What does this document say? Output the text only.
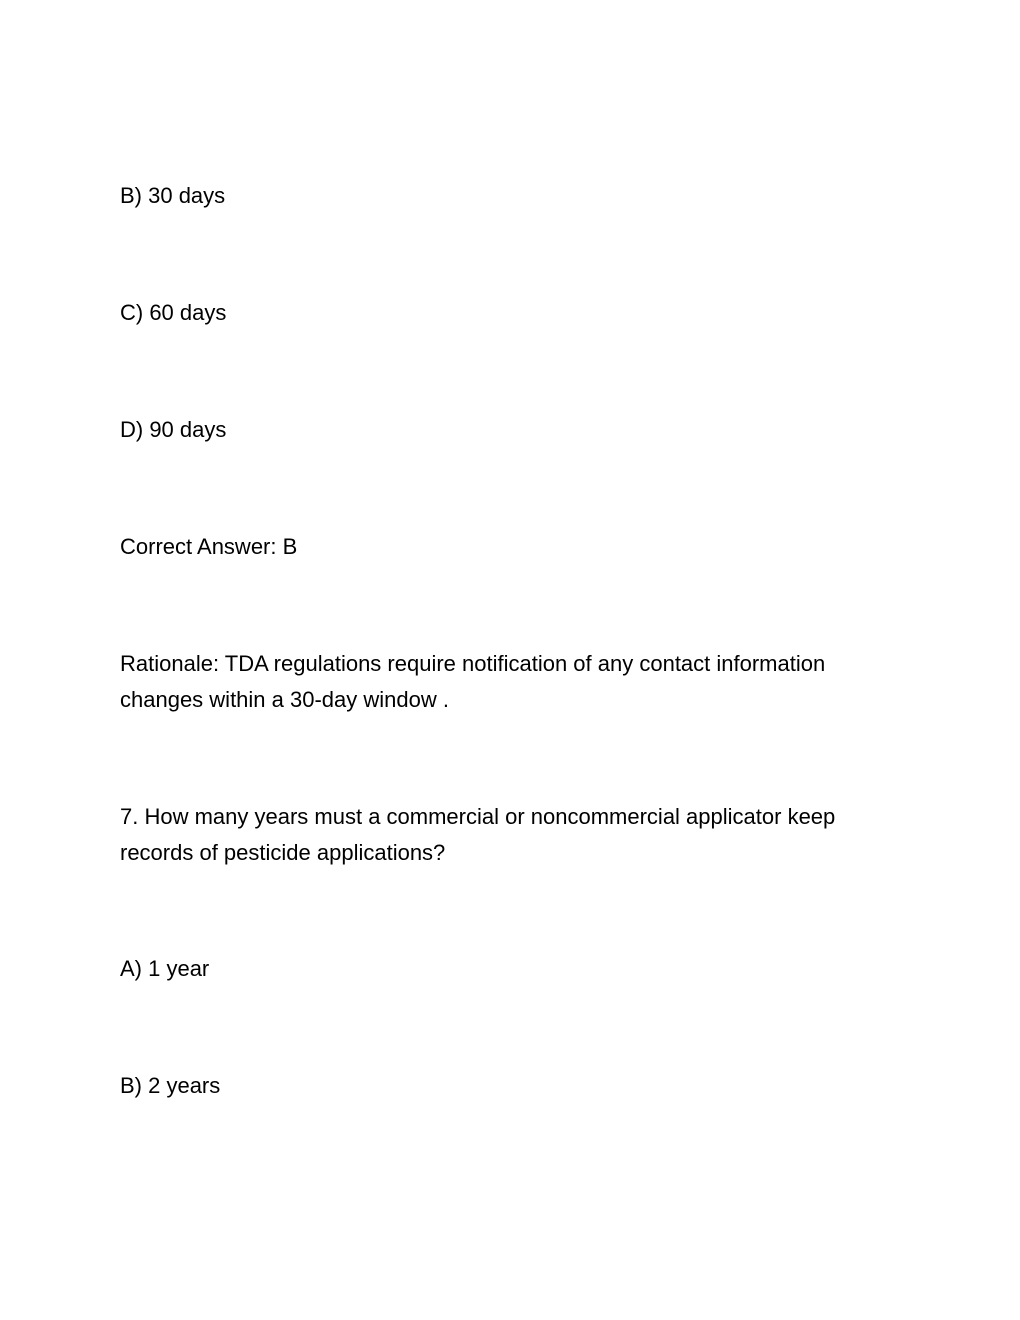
B) 30 days
C) 60 days
D) 90 days
Correct Answer: B
Rationale: TDA regulations require notification of any contact information changes within a 30-day window .
7. How many years must a commercial or noncommercial applicator keep records of pesticide applications?
A) 1 year
B) 2 years
